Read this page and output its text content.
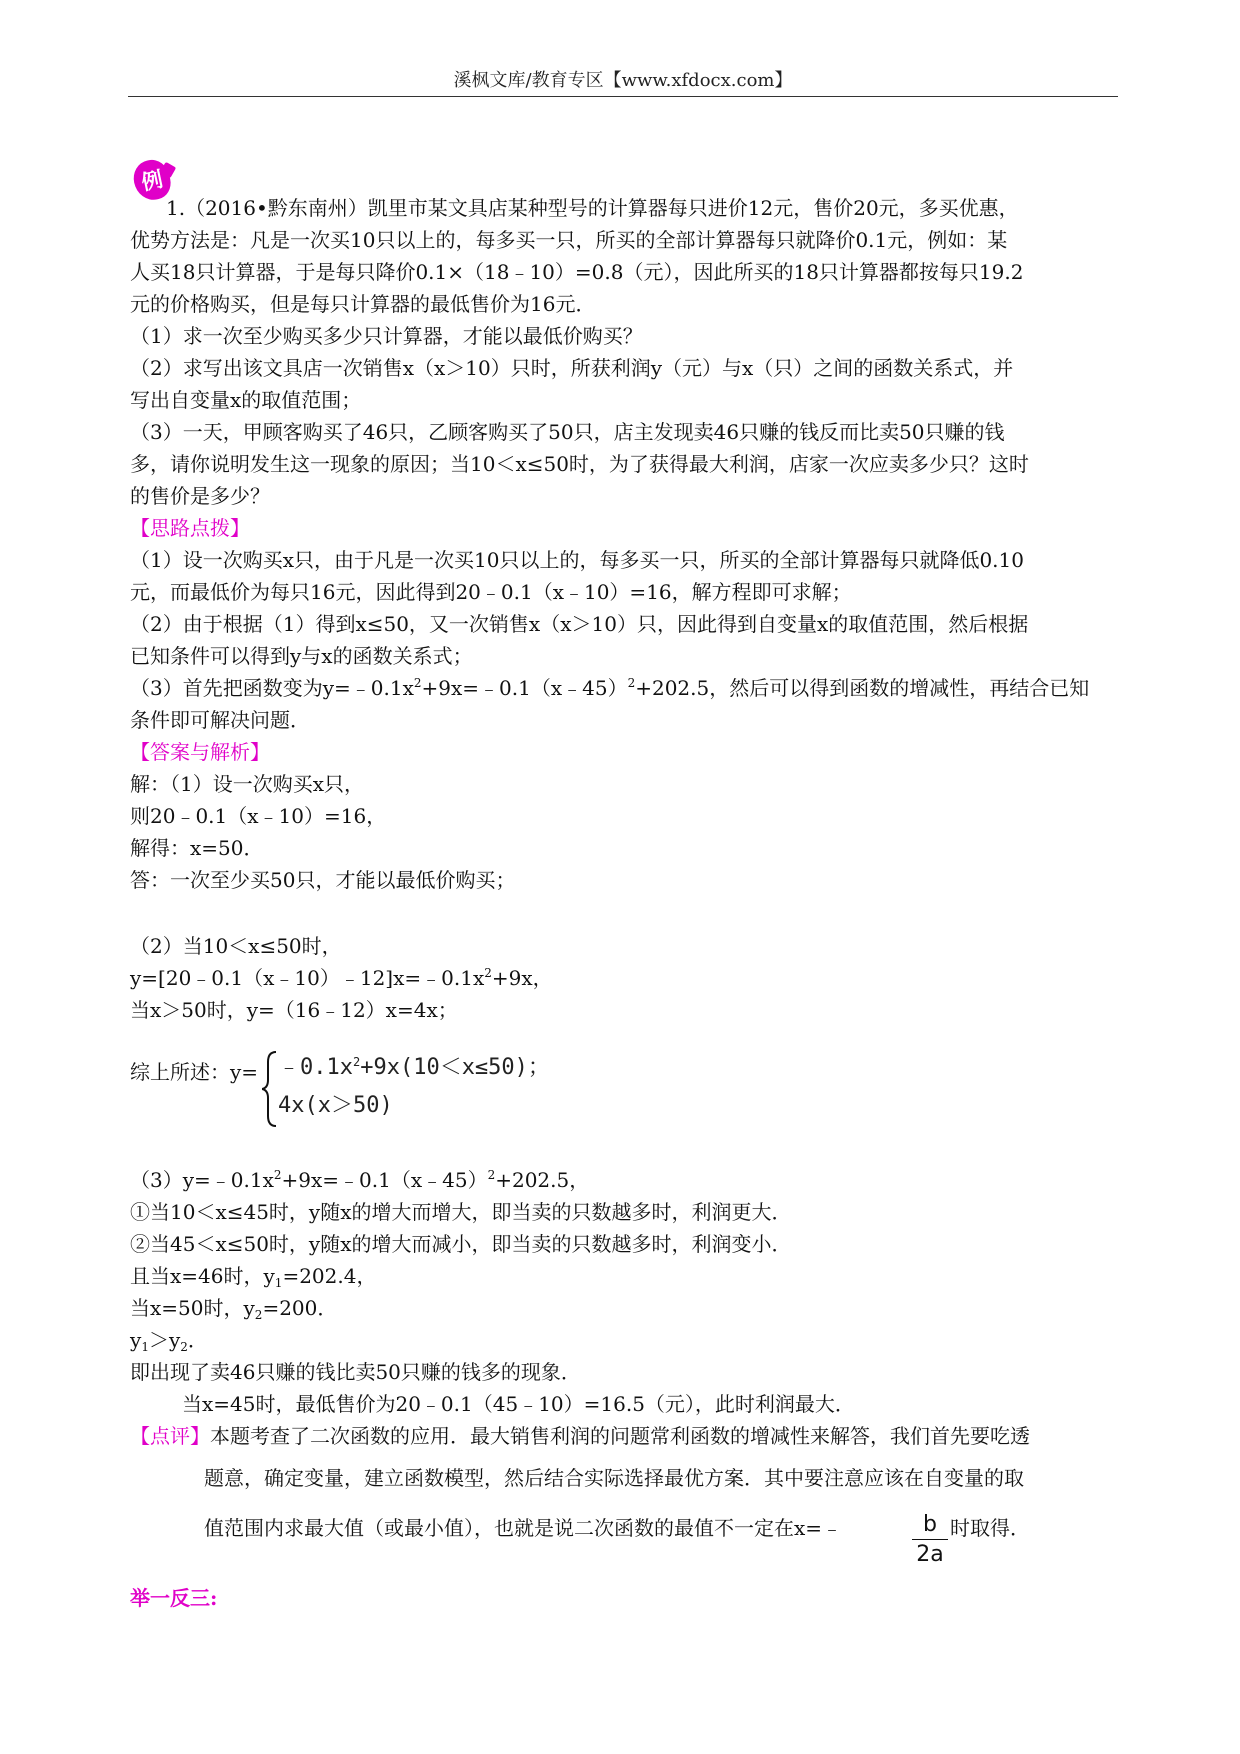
溪枫文库/教育专区【www.xfdocx.com】
例
1.（2016•黔东南州）凯里市某文具店某种型号的计算器每只进价12元，售价20元，多买优惠，
优势方法是：凡是一次买10只以上的，每多买一只，所买的全部计算器每只就降价0.1元，例如：某
人买18只计算器，于是每只降价0.1×（18﹣10）=0.8（元），因此所买的18只计算器都按每只19.2
元的价格购买，但是每只计算器的最低售价为16元．
（1）求一次至少购买多少只计算器，才能以最低价购买？
（2）求写出该文具店一次销售x（x＞10）只时，所获利润y（元）与x（只）之间的函数关系式，并
写出自变量x的取值范围；
（3）一天，甲顾客购买了46只，乙顾客购买了50只，店主发现卖46只赚的钱反而比卖50只赚的钱
多，请你说明发生这一现象的原因；当10＜x≤50时，为了获得最大利润，店家一次应卖多少只？这时
的售价是多少？
【思路点拨】
（1）设一次购买x只，由于凡是一次买10只以上的，每多买一只，所买的全部计算器每只就降低0.10
元，而最低价为每只16元，因此得到20﹣0.1（x﹣10）=16，解方程即可求解；
（2）由于根据（1）得到x≤50，又一次销售x（x＞10）只，因此得到自变量x的取值范围，然后根据
已知条件可以得到y与x的函数关系式；
（3）首先把函数变为$y=﹣0.1x^2+9x=﹣0.1(x﹣45)^2+202.5$，然后可以得到函数的增减性，再结合已知
条件即可解决问题．
【答案与解析】
解：（1）设一次购买x只，
则20﹣0.1（x﹣10）=16，
解得：x=50．
答：一次至少买50只，才能以最低价购买；
（2）当10＜x≤50时，
$y=[20﹣0.1(x﹣10)﹣12]x=﹣0.1x^2+9x$，
当x＞50时，y=（16﹣12）x=4x；
综上所述：$y= ﹣0.1x^2+9x(10<x\le 50)$；
4x(x＞50)
$(3)y=﹣0.1x^2+9x=﹣0.1(x﹣45)^2+202.5$，
①当10＜x≤45时，y随x的增大而增大，即当卖的只数越多时，利润更大．
②当45＜x≤50时，y随x的增大而减小，即当卖的只数越多时，利润变小．
且当x=46时，$y_1=202.4$，
当x=50时，$y_2=200$．
$y_1>y_2$．
即出现了卖46只赚的钱比卖50只赚的钱多的现象．
当x=45时，最低售价为20﹣0.1（45﹣10）=16.5（元），此时利润最大．
【点评】本题考查了二次函数的应用．最大销售利润的问题常利函数的增减性来解答，我们首先要吃透
题意，确定变量，建立函数模型，然后结合实际选择最优方案．其中要注意应该在自变量的取
值范围内求最大值（或最小值），也就是说二次函数的最值不一定在x=﹣	b
2a
时取得．
举一反三:
